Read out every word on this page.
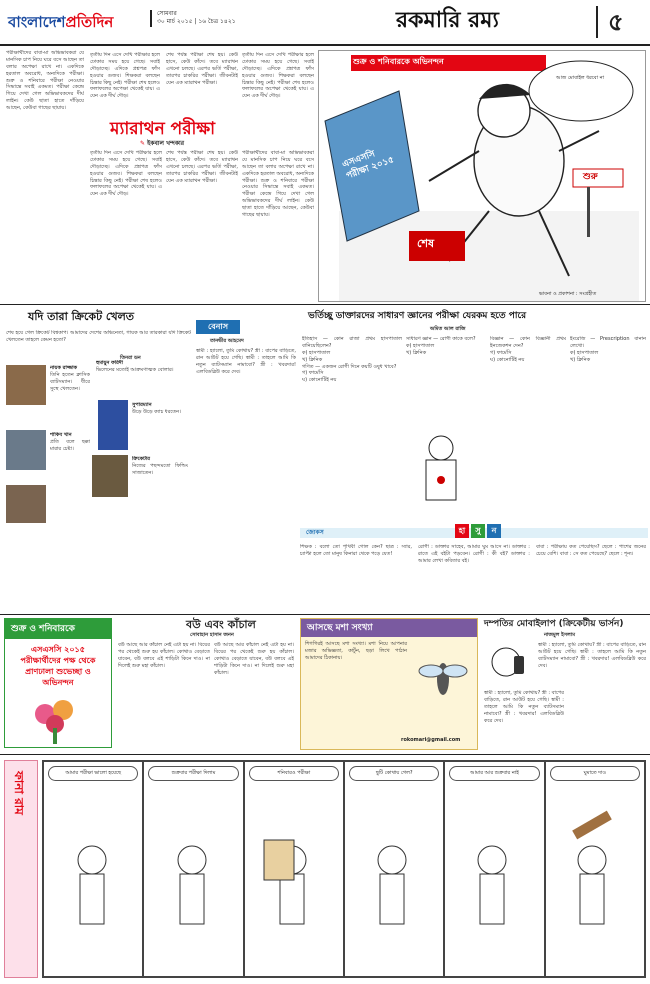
বাংলাদেশপ্রতিদিন	সোমবার
৩০ মার্চ ২০১৫ | ১৬ চৈত্র ১৪২১	রকমারি রম্য	৫
পরীক্ষার্থীদের বাবা-মা অভিভাবকরা যে মানসিক চাপ নিয়ে ঘরে বসে আছেন তা বলার অপেক্ষা রাখে না। একদিকে হরতাল অবরোধ, অন্যদিকে পরীক্ষা। শুক্র ও শনিবারে পরীক্ষা নেওয়ার সিদ্ধান্তে সবাই একমত। পরীক্ষা কেন্দ্রে গিয়ে দেখা গেল অভিভাবকদের দীর্ঘ লাইন। কেউ ছাতা হাতে দাঁড়িয়ে আছেন, কেউবা গাছের ছায়ায়।
তৃতীয় দিন এসে দেখি পরীক্ষার হলে ঢোকার সময় হয়ে গেছে। সবাই দৌড়াচ্ছে। এদিকে প্রশ্নপত্র ফাঁস হওয়ার গুজব। শিক্ষকরা বলছেন চিন্তার কিছু নেই। পরীক্ষা শেষ হলেও ফলাফলের অপেক্ষা থেকেই যায়। এ যেন এক দীর্ঘ দৌড়।
ম্যারাথন পরীক্ষা
✎ ইকবাল খন্দকার
তৃতীয় দিন এসে দেখি পরীক্ষার হলে ঢোকার সময় হয়ে গেছে। সবাই দৌড়াচ্ছে। এদিকে প্রশ্নপত্র ফাঁস হওয়ার গুজব। শিক্ষকরা বলছেন চিন্তার কিছু নেই। পরীক্ষা শেষ হলেও ফলাফলের অপেক্ষা থেকেই যায়। এ যেন এক দীর্ঘ দৌড়।
শেষ পর্যন্ত পরীক্ষা শেষ হয়। কেউ হাসে, কেউ কাঁদে। তবে ম্যারাথন এখনো চলছে। এরপর ভর্তি পরীক্ষা, তারপর চাকরির পরীক্ষা। জীবনটাই যেন এক ম্যারাথন পরীক্ষা।
পরীক্ষার্থীদের বাবা-মা অভিভাবকরা যে মানসিক চাপ নিয়ে ঘরে বসে আছেন তা বলার অপেক্ষা রাখে না। একদিকে হরতাল অবরোধ, অন্যদিকে পরীক্ষা। শুক্র ও শনিবারে পরীক্ষা নেওয়ার সিদ্ধান্তে সবাই একমত। পরীক্ষা কেন্দ্রে গিয়ে দেখা গেল অভিভাবকদের দীর্ঘ লাইন। কেউ ছাতা হাতে দাঁড়িয়ে আছেন, কেউবা গাছের ছায়ায়।
শেষ পর্যন্ত পরীক্ষা শেষ হয়। কেউ হাসে, কেউ কাঁদে। তবে ম্যারাথন এখনো চলছে। এরপর ভর্তি পরীক্ষা, তারপর চাকরির পরীক্ষা। জীবনটাই যেন এক ম্যারাথন পরীক্ষা।
তৃতীয় দিন এসে দেখি পরীক্ষার হলে ঢোকার সময় হয়ে গেছে। সবাই দৌড়াচ্ছে। এদিকে প্রশ্নপত্র ফাঁস হওয়ার গুজব। শিক্ষকরা বলছেন চিন্তার কিছু নেই। পরীক্ষা শেষ হলেও ফলাফলের অপেক্ষা থেকেই যায়। এ যেন এক দীর্ঘ দৌড়।
শুক্র ও শনিবারকে অভিনন্দন
এসএসসি পরীক্ষা ২০১৫
আজ মোবাইল ধরবো না
শেষ
শুরু
ভাবনা ও প্রকাশনা : সংগ্রহীত
যদি তারা ক্রিকেট খেলত
শেষ হয়ে গেল ক্রিকেট বিশ্বকাপ। আমাদের দেশের অভিনেতা, গায়ক আর তারকারা যদি ক্রিকেট খেলতেন তাহলে কেমন হতো?
তিনরা ডন
নায়ক রাজ্জাক
তিনি হতেন ক্লাসিক ব্যাটসম্যান। ধীরে সুস্থে খেলতেন।
হুমায়ুন ফরিদী
ভিলেনের মতোই আক্রমণাত্মক বোলার।
সুপারম্যান
উড়ে উড়ে ক্যাচ ধরতেন।
শাকিব খান
প্রতি বলে ছক্কা মারার চেষ্টা।
ক্রিকেটার
নিজের পছন্দমতো ফিল্ডিং সাজাতেন।
বেনাস
তানভীর আহমেদ
স্বামী : হ্যালো, তুমি কোথায়? স্ত্রী : বাপের বাড়িতে, রান আউট হয়ে গেছি। স্বামী : তাহলে আমি কি নতুন ব্যাটসম্যান নামাবো? স্ত্রী : খবরদার! এলবিডব্লিউ করে দেব।
ভর্তিচ্ছু ডাক্তারদের সাধারণ জ্ঞানের পরীক্ষা যেরকম হতে পারে
অমিত আল রাজি
ইতিহাস — কোন রাজা প্রথম হাসপাতাল বানিয়েছিলেন?
ক) হাসপাতাল
খ) ক্লিনিক
গণিত — একজন রোগী দিনে কয়টি ওষুধ খাবে?
গ) ফার্মেসি
ঘ) কোনোটিই নয়
সাধারণ জ্ঞান — রোগী কাকে বলে?
ক) হাসপাতাল
খ) ক্লিনিক
বিজ্ঞান — কোন বিজ্ঞানী প্রথম ইনজেকশন দেন?
গ) ফার্মেসি
ঘ) কোনোটিই নয়
ইংরেজি — Prescription বানান লেখো।
ক) হাসপাতাল
খ) ক্লিনিক
জোকস	হা	সু	ন
শিক্ষক : বলো তো পৃথিবী গোল কেন? ছাত্র : স্যার, চ্যাপ্টা হলে তো মানুষ কিনারা থেকে পড়ে যেত!
রোগী : ডাক্তার সাহেব, আমার ঘুম আসে না। ডাক্তার : রাতে এই বইটা পড়বেন। রোগী : কী বই? ডাক্তার : আমার লেখা কবিতার বই।
বাবা : পরীক্ষায় কত পেয়েছিস? ছেলে : পাশের জনের চেয়ে বেশি। বাবা : সে কত পেয়েছে? ছেলে : শূন্য।
শুক্র ও শনিবারকে
এসএসসি ২০১৫ পরীক্ষার্থীদের পক্ষ থেকে প্রাণঢালা শুভেচ্ছা ও অভিনন্দন
বউ এবং কাঁচাল
সোবাহান হাসান জনন
বউ আছে আর কাঁচাল নেই এটা হয় না। বিয়ের পর থেকেই শুরু হয় কাঁচাল। কোথাও বেড়াতে যাবেন, বউ বলবে এই শাড়িটা কিনে দাও। না দিলেই শুরু মহা কাঁচাল।
বউ আছে আর কাঁচাল নেই এটা হয় না। বিয়ের পর থেকেই শুরু হয় কাঁচাল। কোথাও বেড়াতে যাবেন, বউ বলবে এই শাড়িটা কিনে দাও। না দিলেই শুরু মহা কাঁচাল।
আসছে মশা সংখ্যা
শিগগিরই আসছে মশা সংখ্যা। মশা নিয়ে আপনার মজার অভিজ্ঞতা, কার্টুন, ছড়া লিখে পাঠান আমাদের ঠিকানায়।
rokomari@gmail.com
দম্পতির মোবাইলাপ (ক্রিকেটীয় ভার্সন)
নাজমুল ইসলাম
স্বামী : হ্যালো, তুমি কোথায়? স্ত্রী : বাপের বাড়িতে, রান আউট হয়ে গেছি। স্বামী : তাহলে আমি কি নতুন ব্যাটসম্যান নামাবো? স্ত্রী : খবরদার! এলবিডব্লিউ করে দেব।
স্বামী : হ্যালো, তুমি কোথায়? স্ত্রী : বাপের বাড়িতে, রান আউট হয়ে গেছি। স্বামী : তাহলে আমি কি নতুন ব্যাটসম্যান নামাবো? স্ত্রী : খবরদার! এলবিডব্লিউ করে দেব।
ফানা রাম	আমার পরীক্ষা ভালো হয়েছে	শুক্রবার পরীক্ষা দিলাম	শনিবারও পরীক্ষা	ছুটি কোথায় গেল?	আমার আর শুক্রবার নাই	ঘুমাতে দাও
